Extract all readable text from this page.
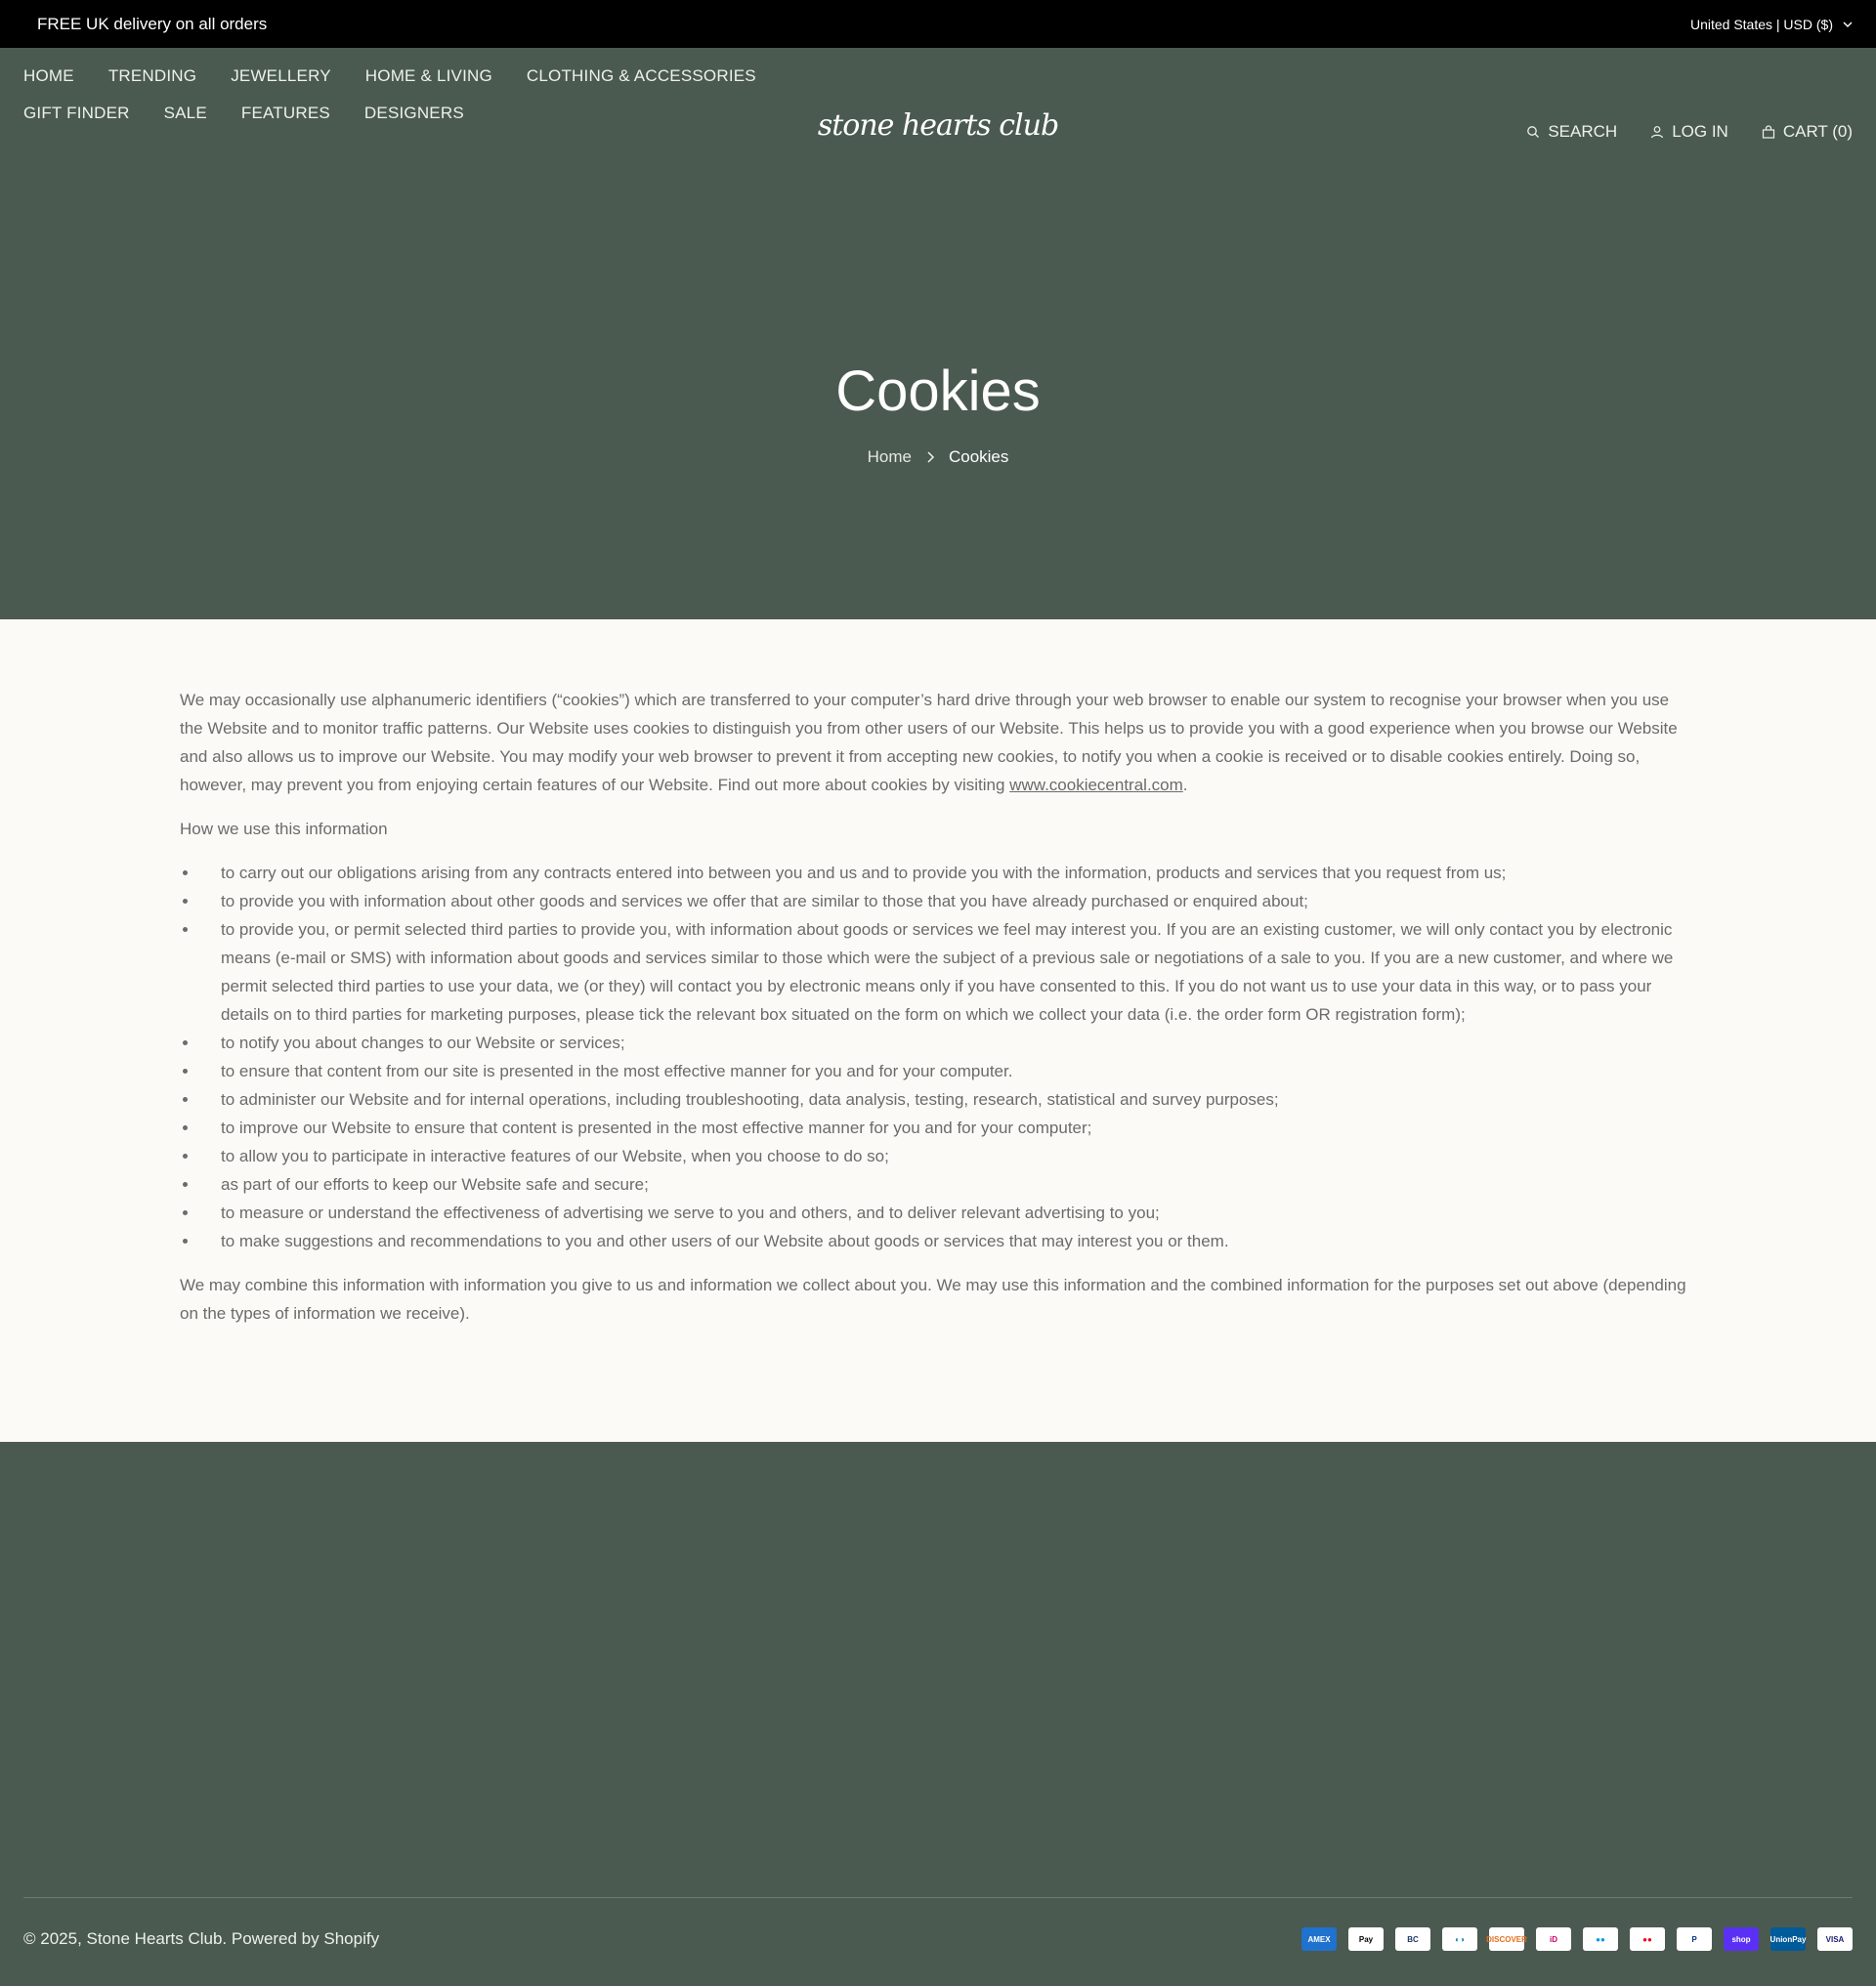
FREE UK delivery on all orders	United States | USD ($)
HOME TRENDING JEWELLERY HOME & LIVING CLOTHING & ACCESSORIES
GIFT FINDER SALE FEATURES DESIGNERS	stone hearts club	SEARCH	LOG IN	CART (0)
Cookies
Home Cookies

We may occasionally use alphanumeric identifiers (“cookies”) which are transferred to your computer’s hard drive through your web browser to enable our system to recognise your browser when you use the Website and to monitor traffic patterns. Our Website uses cookies to distinguish you from other users of our Website. This helps us to provide you with a good experience when you browse our Website and also allows us to improve our Website. You may modify your web browser to prevent it from accepting new cookies, to notify you when a cookie is received or to disable cookies entirely. Doing so, however, may prevent you from enjoying certain features of our Website. Find out more about cookies by visiting www.cookiecentral.com.

How we use this information

• to carry out our obligations arising from any contracts entered into between you and us and to provide you with the information, products and services that you request from us;
• to provide you with information about other goods and services we offer that are similar to those that you have already purchased or enquired about;
• to provide you, or permit selected third parties to provide you, with information about goods or services we feel may interest you. If you are an existing customer, we will only contact you by electronic means (e-mail or SMS) with information about goods and services similar to those which were the subject of a previous sale or negotiations of a sale to you. If you are a new customer, and where we permit selected third parties to use your data, we (or they) will contact you by electronic means only if you have consented to this. If you do not want us to use your data in this way, or to pass your details on to third parties for marketing purposes, please tick the relevant box situated on the form on which we collect your data (i.e. the order form OR registration form);
• to notify you about changes to our Website or services;
• to ensure that content from our site is presented in the most effective manner for you and for your computer.
• to administer our Website and for internal operations, including troubleshooting, data analysis, testing, research, statistical and survey purposes;
• to improve our Website to ensure that content is presented in the most effective manner for you and for your computer;
• to allow you to participate in interactive features of our Website, when you choose to do so;
• as part of our efforts to keep our Website safe and secure;
• to measure or understand the effectiveness of advertising we serve to you and others, and to deliver relevant advertising to you;
• to make suggestions and recommendations to you and other users of our Website about goods or services that may interest you or them.

We may combine this information with information you give to us and information we collect about you. We may use this information and the combined information for the purposes set out above (depending on the types of information we receive).

© 2025, Stone Hearts Club. Powered by Shopify	AMEX	Pay	BC	◐◑	DISCOVER	iD	●●	●●	P	shop	UnionPay	VISA
